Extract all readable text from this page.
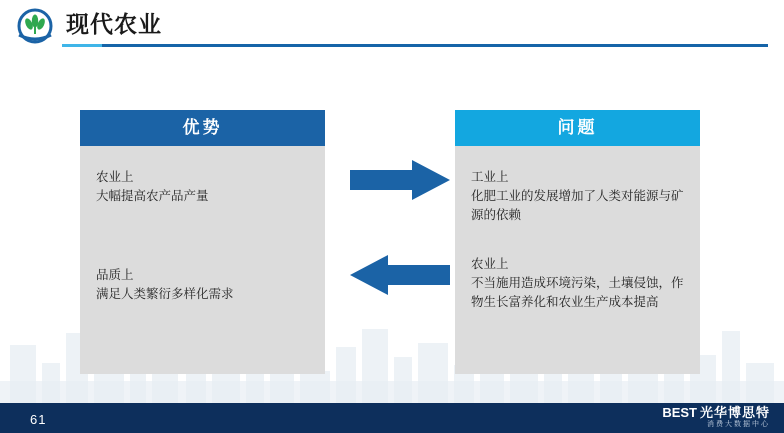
现代农业
优势
农业上
大幅提高农产品产量
品质上
满足人类繁衍多样化需求
问题
工业上
化肥工业的发展增加了人类对能源与矿源的依赖
农业上
不当施用造成环境污染，土壤侵蚀，作物生长富养化和农业生产成本提高
61	BEST 光华博思特
消费大数据中心
